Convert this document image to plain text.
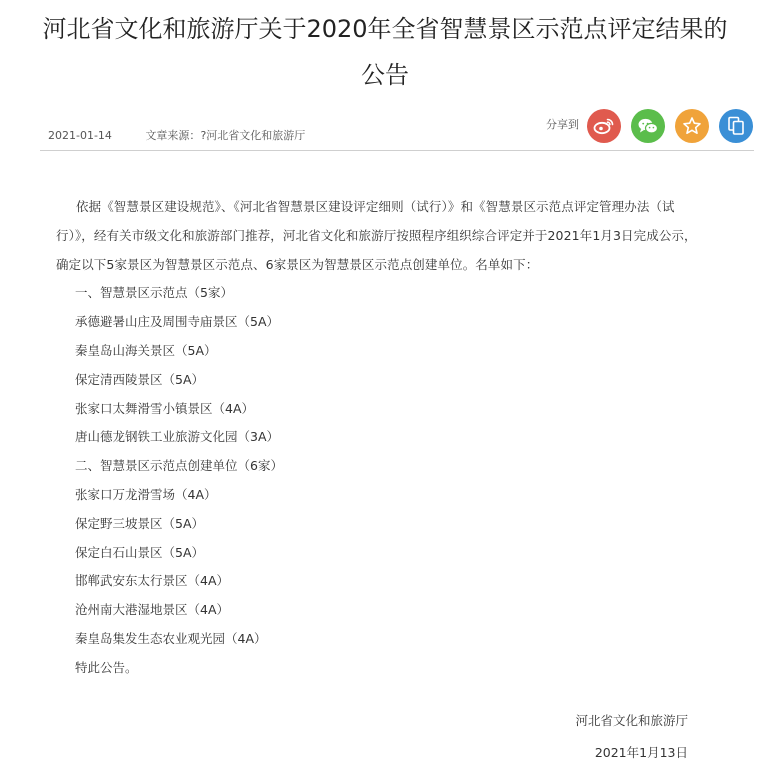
河北省文化和旅游厅关于2020年全省智慧景区示范点评定结果的公告
2021-01-14	文章来源：?河北省文化和旅游厅
分享到

依据《智慧景区建设规范》、《河北省智慧景区建设评定细则（试行）》和《智慧景区示范点评定管理办法（试行）》，经有关市级文化和旅游部门推荐，河北省文化和旅游厅按照程序组织综合评定并于2021年1月3日完成公示，确定以下5家景区为智慧景区示范点、6家景区为智慧景区示范点创建单位。名单如下：

一、智慧景区示范点（5家）

承德避暑山庄及周围寺庙景区（5A）

秦皇岛山海关景区（5A）

保定清西陵景区（5A）

张家口太舞滑雪小镇景区（4A）

唐山德龙钢铁工业旅游文化园（3A）

二、智慧景区示范点创建单位（6家）

张家口万龙滑雪场（4A）

保定野三坡景区（5A）

保定白石山景区（5A）

邯郸武安东太行景区（4A）

沧州南大港湿地景区（4A）

秦皇岛集发生态农业观光园（4A）

特此公告。

河北省文化和旅游厅
2021年1月13日
